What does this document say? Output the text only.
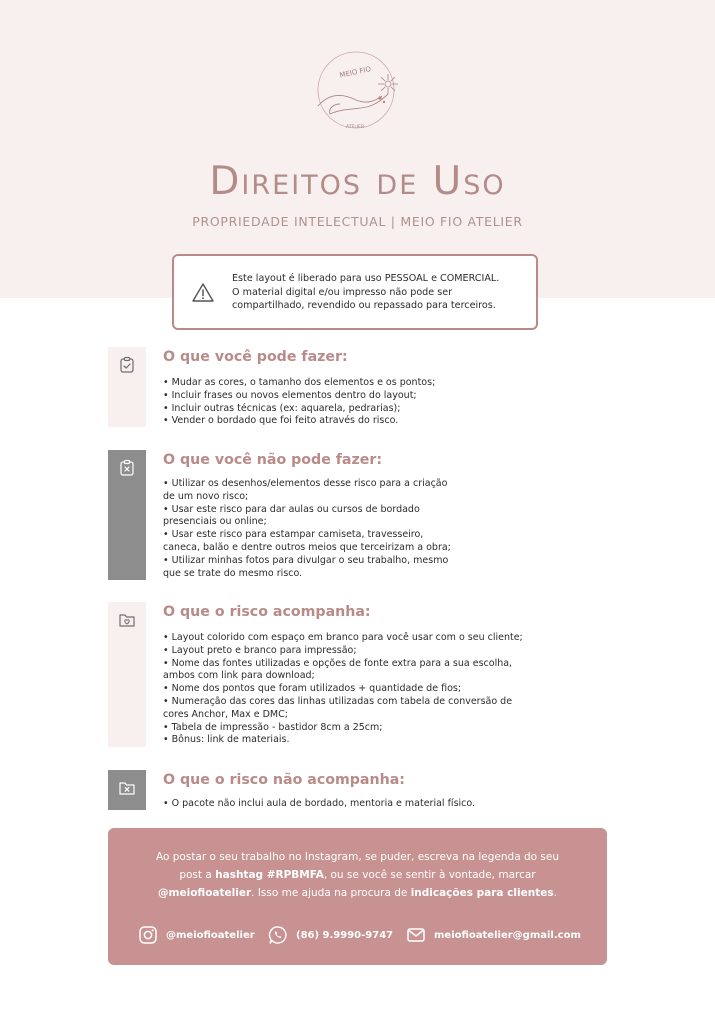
MEIO FIO
ATELIER
Direitos de Uso
PROPRIEDADE INTELECTUAL | MEIO FIO ATELIER
Este layout é liberado para uso PESSOAL e COMERCIAL.
O material digital e/ou impresso não pode ser
compartilhado, revendido ou repassado para terceiros.
O que você pode fazer:
• Mudar as cores, o tamanho dos elementos e os pontos;
• Incluir frases ou novos elementos dentro do layout;
• Incluir outras técnicas (ex: aquarela, pedrarias);
• Vender o bordado que foi feito através do risco.
O que você não pode fazer:
• Utilizar os desenhos/elementos desse risco para a criação
de um novo risco;
• Usar este risco para dar aulas ou cursos de bordado
presenciais ou online;
• Usar este risco para estampar camiseta, travesseiro,
caneca, balão e dentre outros meios que terceirizam a obra;
• Utilizar minhas fotos para divulgar o seu trabalho, mesmo
que se trate do mesmo risco.
O que o risco acompanha:
• Layout colorido com espaço em branco para você usar com o seu cliente;
• Layout preto e branco para impressão;
• Nome das fontes utilizadas e opções de fonte extra para a sua escolha,
ambos com link para download;
• Nome dos pontos que foram utilizados + quantidade de fios;
• Numeração das cores das linhas utilizadas com tabela de conversão de
cores Anchor, Max e DMC;
• Tabela de impressão - bastidor 8cm a 25cm;
• Bônus: link de materiais.
O que o risco não acompanha:
• O pacote não inclui aula de bordado, mentoria e material físico.
Ao postar o seu trabalho no Instagram, se puder, escreva na legenda do seu
post a hashtag #RPBMFA, ou se você se sentir à vontade, marcar
@meiofioatelier. Isso me ajuda na procura de indicações para clientes.
@meiofioatelier	(86) 9.9990-9747	meiofioatelier@gmail.com
